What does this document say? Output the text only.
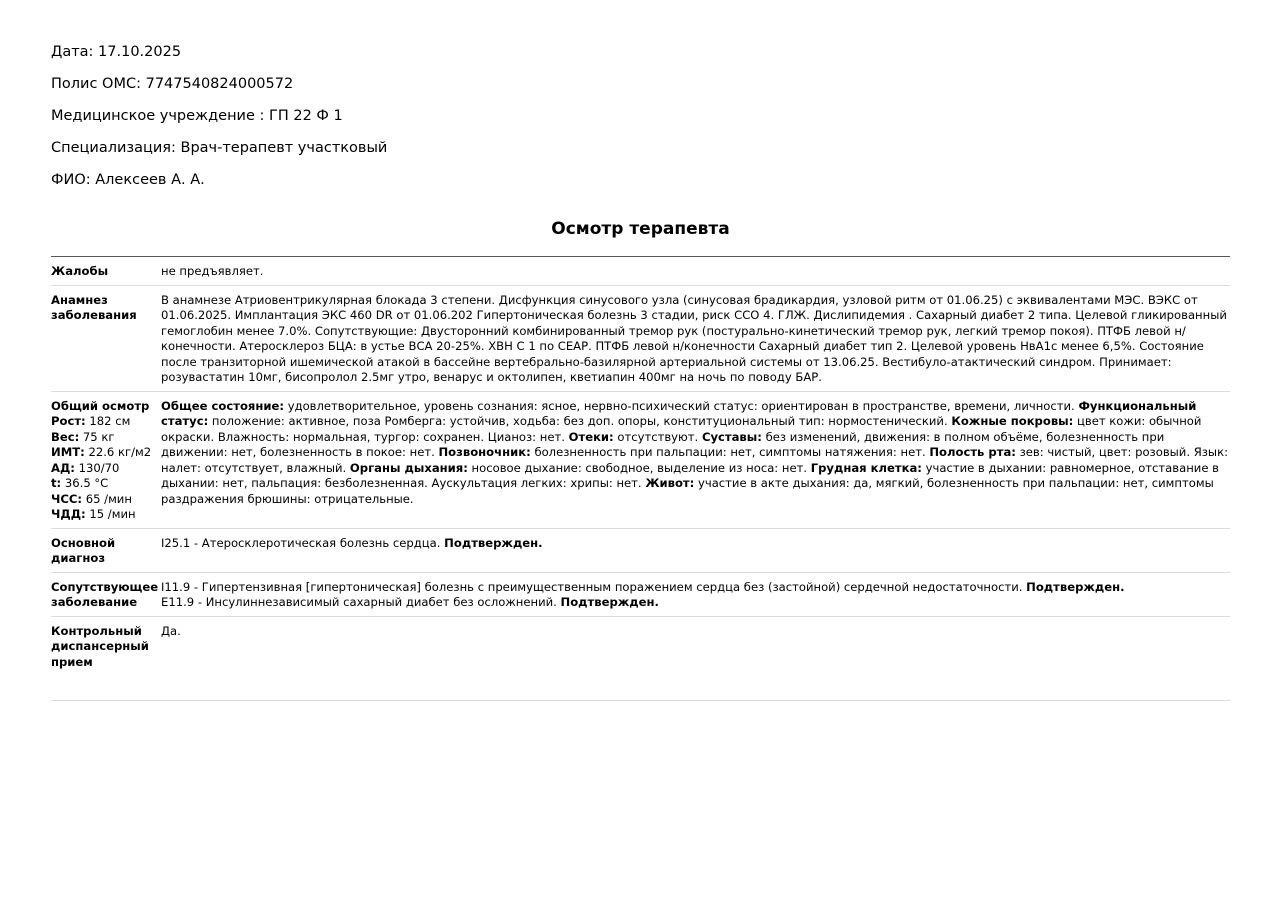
Дата: 17.10.2025
Полис ОМС: 7747540824000572
Медицинское учреждение : ГП 22 Ф 1
Специализация: Врач-терапевт участковый
ФИО: Алексеев А. А.
Осмотр терапевта
Жалобы	не предъявляет.
Анамнез заболевания
В анамнезе Атриовентрикулярная блокада 3 степени. Дисфункция синусового узла (синусовая брадикардия, узловой ритм от 01.06.25) с эквивалентами МЭС. ВЭКС от 01.06.2025. Имплантация ЭКС 460 DR от 01.06.202 Гипертоническая болезнь 3 стадии, риск ССО 4. ГЛЖ. Дислипидемия . Сахарный диабет 2 типа. Целевой гликированный гемоглобин менее 7.0%. Сопутствующие: Двусторонний комбинированный тремор рук (постурально-кинетический тремор рук, легкий тремор покоя). ПТФБ левой н/конечности. Атеросклероз БЦА: в устье ВСА 20-25%. ХВН С 1 по СЕАР. ПТФБ левой н/конечности Сахарный диабет тип 2. Целевой уровень НвА1с менее 6,5%. Состояние после транзиторной ишемической атакой в бассейне вертебрально-базилярной артериальной системы от 13.06.25. Вестибуло-атактический синдром. Принимает: розувастатин 10мг, бисопролол 2.5мг утро, венарус и октолипен, кветиапин 400мг на ночь по поводу БАР.
Общий осмотр
Рост: 182 см
Вес: 75 кг
ИМТ: 22.6 кг/м2
АД: 130/70
t: 36.5 °С
ЧСС: 65 /мин
ЧДД: 15 /мин
Общее состояние: удовлетворительное, уровень сознания: ясное, нервно-психический статус: ориентирован в пространстве, времени, личности. Функциональный статус: положение: активное, поза Ромберга: устойчив, ходьба: без доп. опоры, конституциональный тип: нормостенический. Кожные покровы: цвет кожи: обычной окраски. Влажность: нормальная, тургор: сохранен. Цианоз: нет. Отеки: отсутствуют. Суставы: без изменений, движения: в полном объёме, болезненность при движении: нет, болезненность в покое: нет. Позвоночник: болезненность при пальпации: нет, симптомы натяжения: нет. Полость рта: зев: чистый, цвет: розовый. Язык: налет: отсутствует, влажный. Органы дыхания: носовое дыхание: свободное, выделение из носа: нет. Грудная клетка: участие в дыхании: равномерное, отставание в дыхании: нет, пальпация: безболезненная. Аускультация легких: хрипы: нет. Живот: участие в акте дыхания: да, мягкий, болезненность при пальпации: нет, симптомы раздражения брюшины: отрицательные.
Основной диагноз
I25.1 - Атеросклеротическая болезнь сердца. Подтвержден.
Сопутствующее заболевание
I11.9 - Гипертензивная [гипертоническая] болезнь с преимущественным поражением сердца без (застойной) сердечной недостаточности. Подтвержден.
E11.9 - Инсулиннезависимый сахарный диабет без осложнений. Подтвержден.
Контрольный диспансерный прием
Да.
